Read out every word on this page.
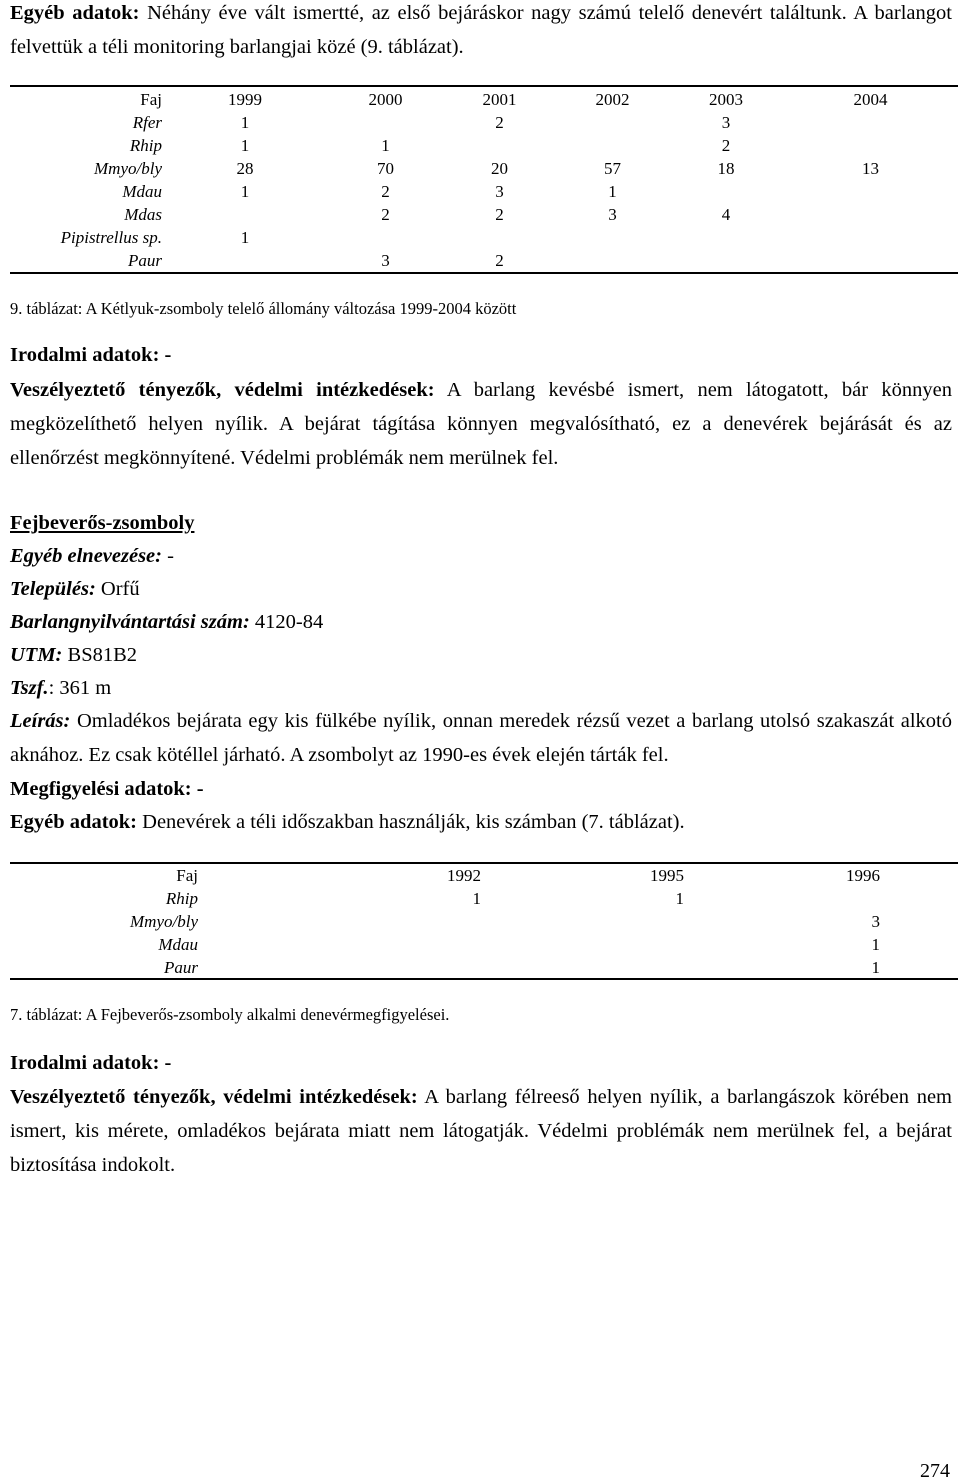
Egyéb adatok: Néhány éve vált ismertté, az első bejáráskor nagy számú telelő denevért találtunk. A barlangot felvettük a téli monitoring barlangjai közé (9. táblázat).

Faj	1999	2000	2001	2002	2003	2004
Rfer	1		2		3	
Rhip	1	1			2	
Mmyo/bly	28	70	20	57	18	13
Mdau	1	2	3	1		
Mdas		2	2	3	4	
Pipistrellus sp.	1					
Paur		3	2			
9. táblázat: A Kétlyuk-zsomboly telelő állomány változása 1999-2004 között
Irodalmi adatok: -

Veszélyeztető tényezők, védelmi intézkedések: A barlang kevésbé ismert, nem látogatott, bár könnyen megközelíthető helyen nyílik. A bejárat tágítása könnyen megvalósítható, ez a denevérek bejárását és az ellenőrzést megkönnyítené. Védelmi problémák nem merülnek fel.

Fejbeverős-zsomboly
Egyéb elnevezése: -
Település: Orfű
Barlangnyilvántartási szám: 4120-84
UTM: BS81B2
Tszf.: 361 m

Leírás: Omladékos bejárata egy kis fülkébe nyílik, onnan meredek rézsű vezet a barlang utolsó szakaszát alkotó aknához. Ez csak kötéllel járható. A zsombolyt az 1990-es évek elején tárták fel.

Megfigyelési adatok: -
Egyéb adatok: Denevérek a téli időszakban használják, kis számban (7. táblázat).
Faj	1992	1995	1996
Rhip	1	1	
Mmyo/bly			3
Mdau			1
Paur			1
7. táblázat: A Fejbeverős-zsomboly alkalmi denevérmegfigyelései.
Irodalmi adatok: -

Veszélyeztető tényezők, védelmi intézkedések: A barlang félreeső helyen nyílik, a barlangászok körében nem ismert, kis mérete, omladékos bejárata miatt nem látogatják. Védelmi problémák nem merülnek fel, a bejárat biztosítása indokolt.

274
